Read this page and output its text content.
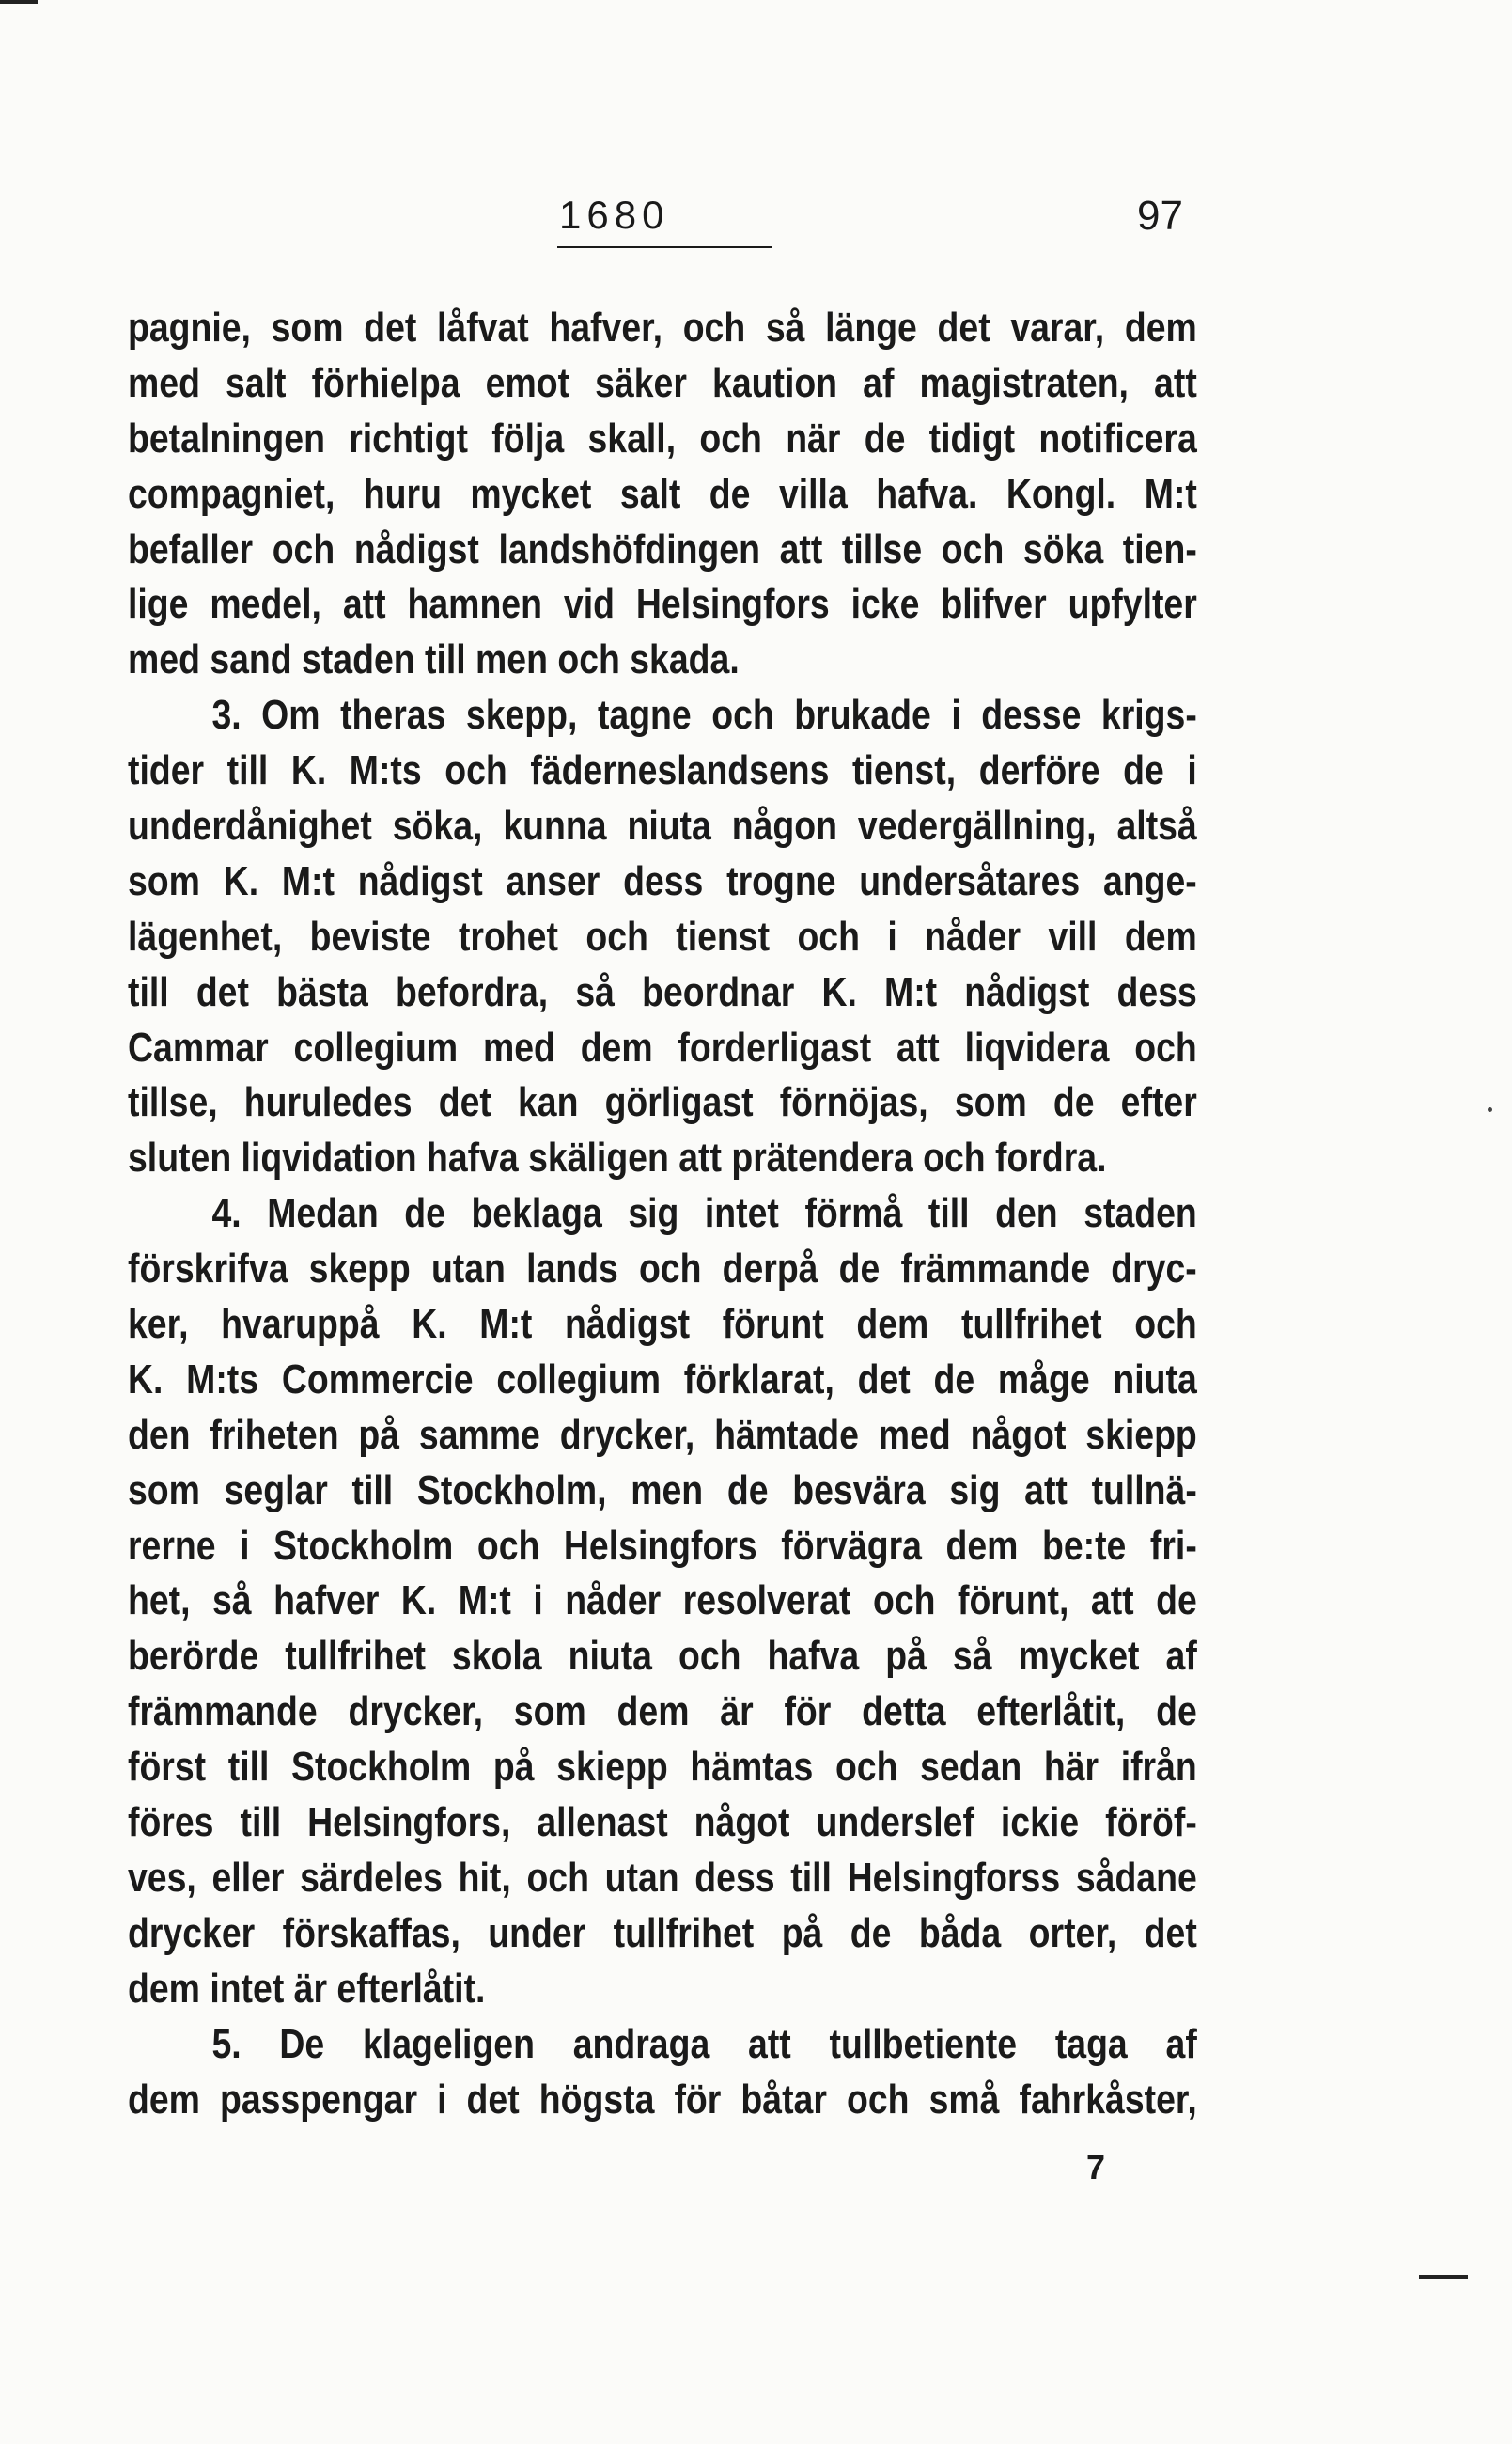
1680	97
pagnie, som det låfvat hafver, och så länge det varar, dem
med salt förhielpa emot säker kaution af magistraten, att
betalningen richtigt följa skall, och när de tidigt notificera
compagniet, huru mycket salt de villa hafva. Kongl. M:t
befaller och nådigst landshöfdingen att tillse och söka tien-
lige medel, att hamnen vid Helsingfors icke blifver upfylter
med sand staden till men och skada.
3. Om theras skepp, tagne och brukade i desse krigs-
tider till K. M:ts och fäderneslandsens tienst, derföre de i
underdånighet söka, kunna niuta någon vedergällning, altså
som K. M:t nådigst anser dess trogne undersåtares ange-
lägenhet, beviste trohet och tienst och i nåder vill dem
till det bästa befordra, så beordnar K. M:t nådigst dess
Cammar collegium med dem forderligast att liqvidera och
tillse, huruledes det kan görligast förnöjas, som de efter
sluten liqvidation hafva skäligen att prätendera och fordra.
4. Medan de beklaga sig intet förmå till den staden
förskrifva skepp utan lands och derpå de främmande dryc-
ker, hvaruppå K. M:t nådigst förunt dem tullfrihet och
K. M:ts Commercie collegium förklarat, det de måge niuta
den friheten på samme drycker, hämtade med något skiepp
som seglar till Stockholm, men de besvära sig att tullnä-
rerne i Stockholm och Helsingfors förvägra dem be:te fri-
het, så hafver K. M:t i nåder resolverat och förunt, att de
berörde tullfrihet skola niuta och hafva på så mycket af
främmande drycker, som dem är för detta efterlåtit, de
först till Stockholm på skiepp hämtas och sedan här ifrån
föres till Helsingfors, allenast något underslef ickie föröf-
ves, eller särdeles hit, och utan dess till Helsingforss sådane
drycker förskaffas, under tullfrihet på de båda orter, det
dem intet är efterlåtit.
5. De klageligen andraga att tullbetiente taga af
dem passpengar i det högsta för båtar och små fahrkåster,
7
